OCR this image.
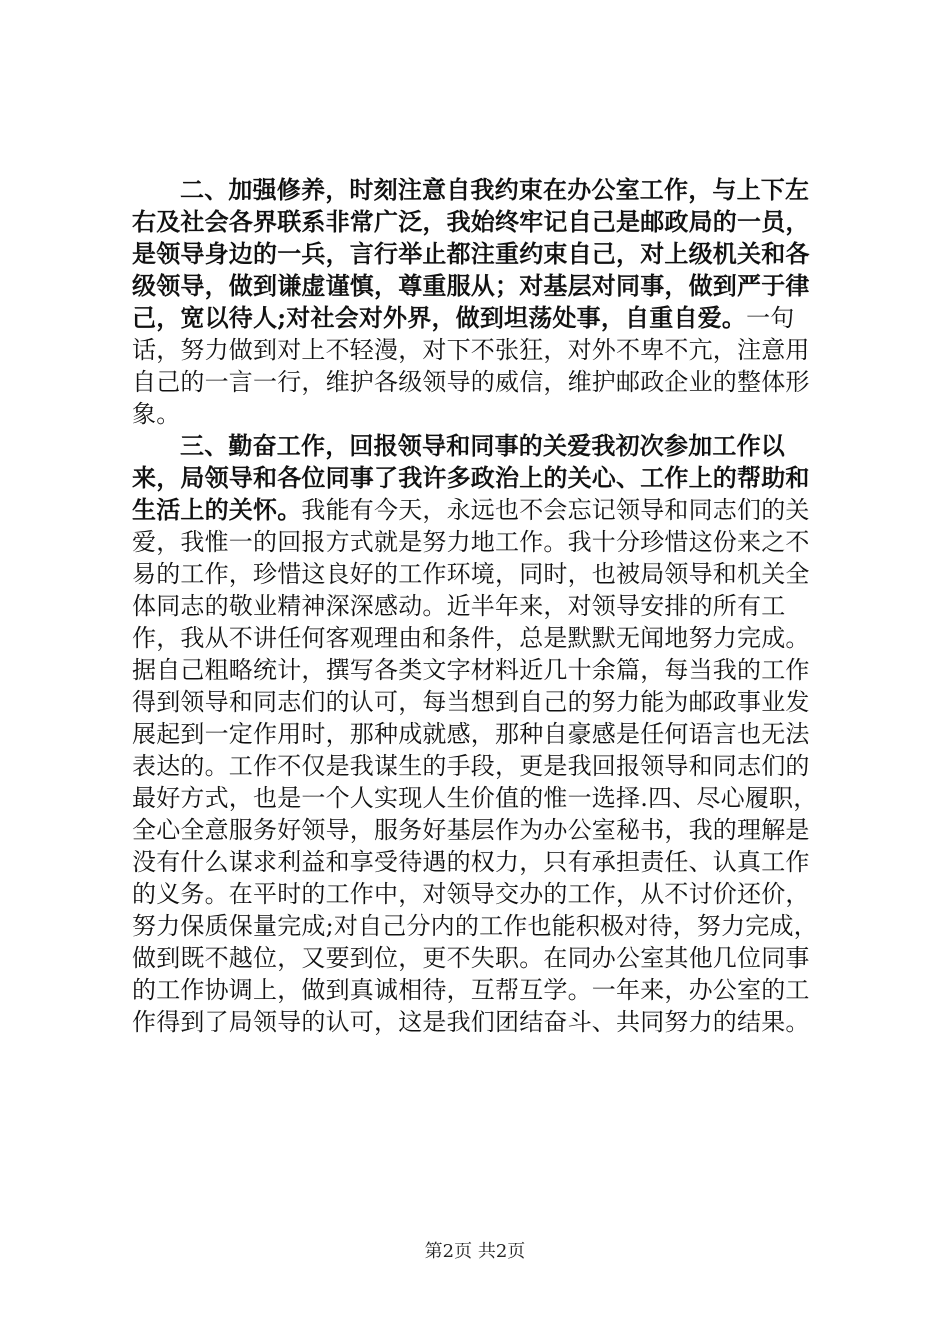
二、加强修养，时刻注意自我约束在办公室工作，与上下左右及社会各界联系非常广泛，我始终牢记自己是邮政局的一员，是领导身边的一兵，言行举止都注重约束自己，对上级机关和各级领导，做到谦虚谨慎，尊重服从；对基层对同事，做到严于律己，宽以待人;对社会对外界，做到坦荡处事，自重自爱。一句话，努力做到对上不轻漫，对下不张狂，对外不卑不亢，注意用自己的一言一行，维护各级领导的威信，维护邮政企业的整体形象。

三、勤奋工作，回报领导和同事的关爱我初次参加工作以来，局领导和各位同事了我许多政治上的关心、工作上的帮助和生活上的关怀。我能有今天，永远也不会忘记领导和同志们的关爱，我惟一的回报方式就是努力地工作。我十分珍惜这份来之不易的工作，珍惜这良好的工作环境，同时，也被局领导和机关全体同志的敬业精神深深感动。近半年来，对领导安排的所有工作，我从不讲任何客观理由和条件，总是默默无闻地努力完成。据自己粗略统计，撰写各类文字材料近几十余篇，每当我的工作得到领导和同志们的认可，每当想到自己的努力能为邮政事业发展起到一定作用时，那种成就感，那种自豪感是任何语言也无法表达的。工作不仅是我谋生的手段，更是我回报领导和同志们的最好方式，也是一个人实现人生价值的惟一选择.四、尽心履职，全心全意服务好领导，服务好基层作为办公室秘书，我的理解是没有什么谋求利益和享受待遇的权力，只有承担责任、认真工作的义务。在平时的工作中，对领导交办的工作，从不讨价还价，努力保质保量完成;对自己分内的工作也能积极对待，努力完成，做到既不越位，又要到位，更不失职。在同办公室其他几位同事的工作协调上，做到真诚相待，互帮互学。一年来，办公室的工作得到了局领导的认可，这是我们团结奋斗、共同努力的结果。

第2页 共2页
